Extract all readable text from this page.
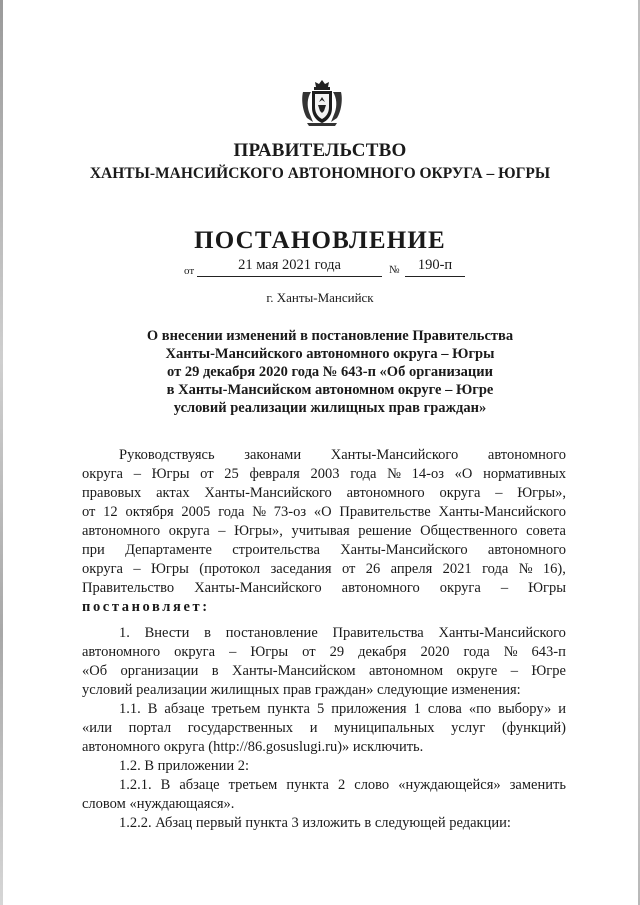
ПРАВИТЕЛЬСТВО
ХАНТЫ-МАНСИЙСКОГО АВТОНОМНОГО ОКРУГА – ЮГРЫ
ПОСТАНОВЛЕНИЕ
от	21 мая 2021 года	№	190-п
г. Ханты-Мансийск
О внесении изменений в постановление Правительства
Ханты-Мансийского автономного округа – Югры
от 29 декабря 2020 года № 643-п «Об организации
в Ханты-Мансийском автономном округе – Югре
условий реализации жилищных прав граждан»
Руководствуясь законами Ханты-Мансийского автономного
округа – Югры от 25 февраля 2003 года № 14-оз «О нормативных
правовых актах Ханты-Мансийского автономного округа – Югры»,
от 12 октября 2005 года № 73-оз «О Правительстве Ханты-Мансийского
автономного округа – Югры», учитывая решение Общественного совета
при Департаменте строительства Ханты-Мансийского автономного
округа – Югры (протокол заседания от 26 апреля 2021 года № 16),
Правительство Ханты-Мансийского автономного округа – Югры
постановляет:
1. Внести в постановление Правительства Ханты-Мансийского
автономного округа – Югры от 29 декабря 2020 года № 643-п
«Об организации в Ханты-Мансийском автономном округе – Югре
условий реализации жилищных прав граждан» следующие изменения:
1.1. В абзаце третьем пункта 5 приложения 1 слова «по выбору» и
«или портал государственных и муниципальных услуг (функций)
автономного округа (http://86.gosuslugi.ru)» исключить.
1.2. В приложении 2:
1.2.1. В абзаце третьем пункта 2 слово «нуждающейся» заменить
словом «нуждающаяся».
1.2.2. Абзац первый пункта 3 изложить в следующей редакции:
